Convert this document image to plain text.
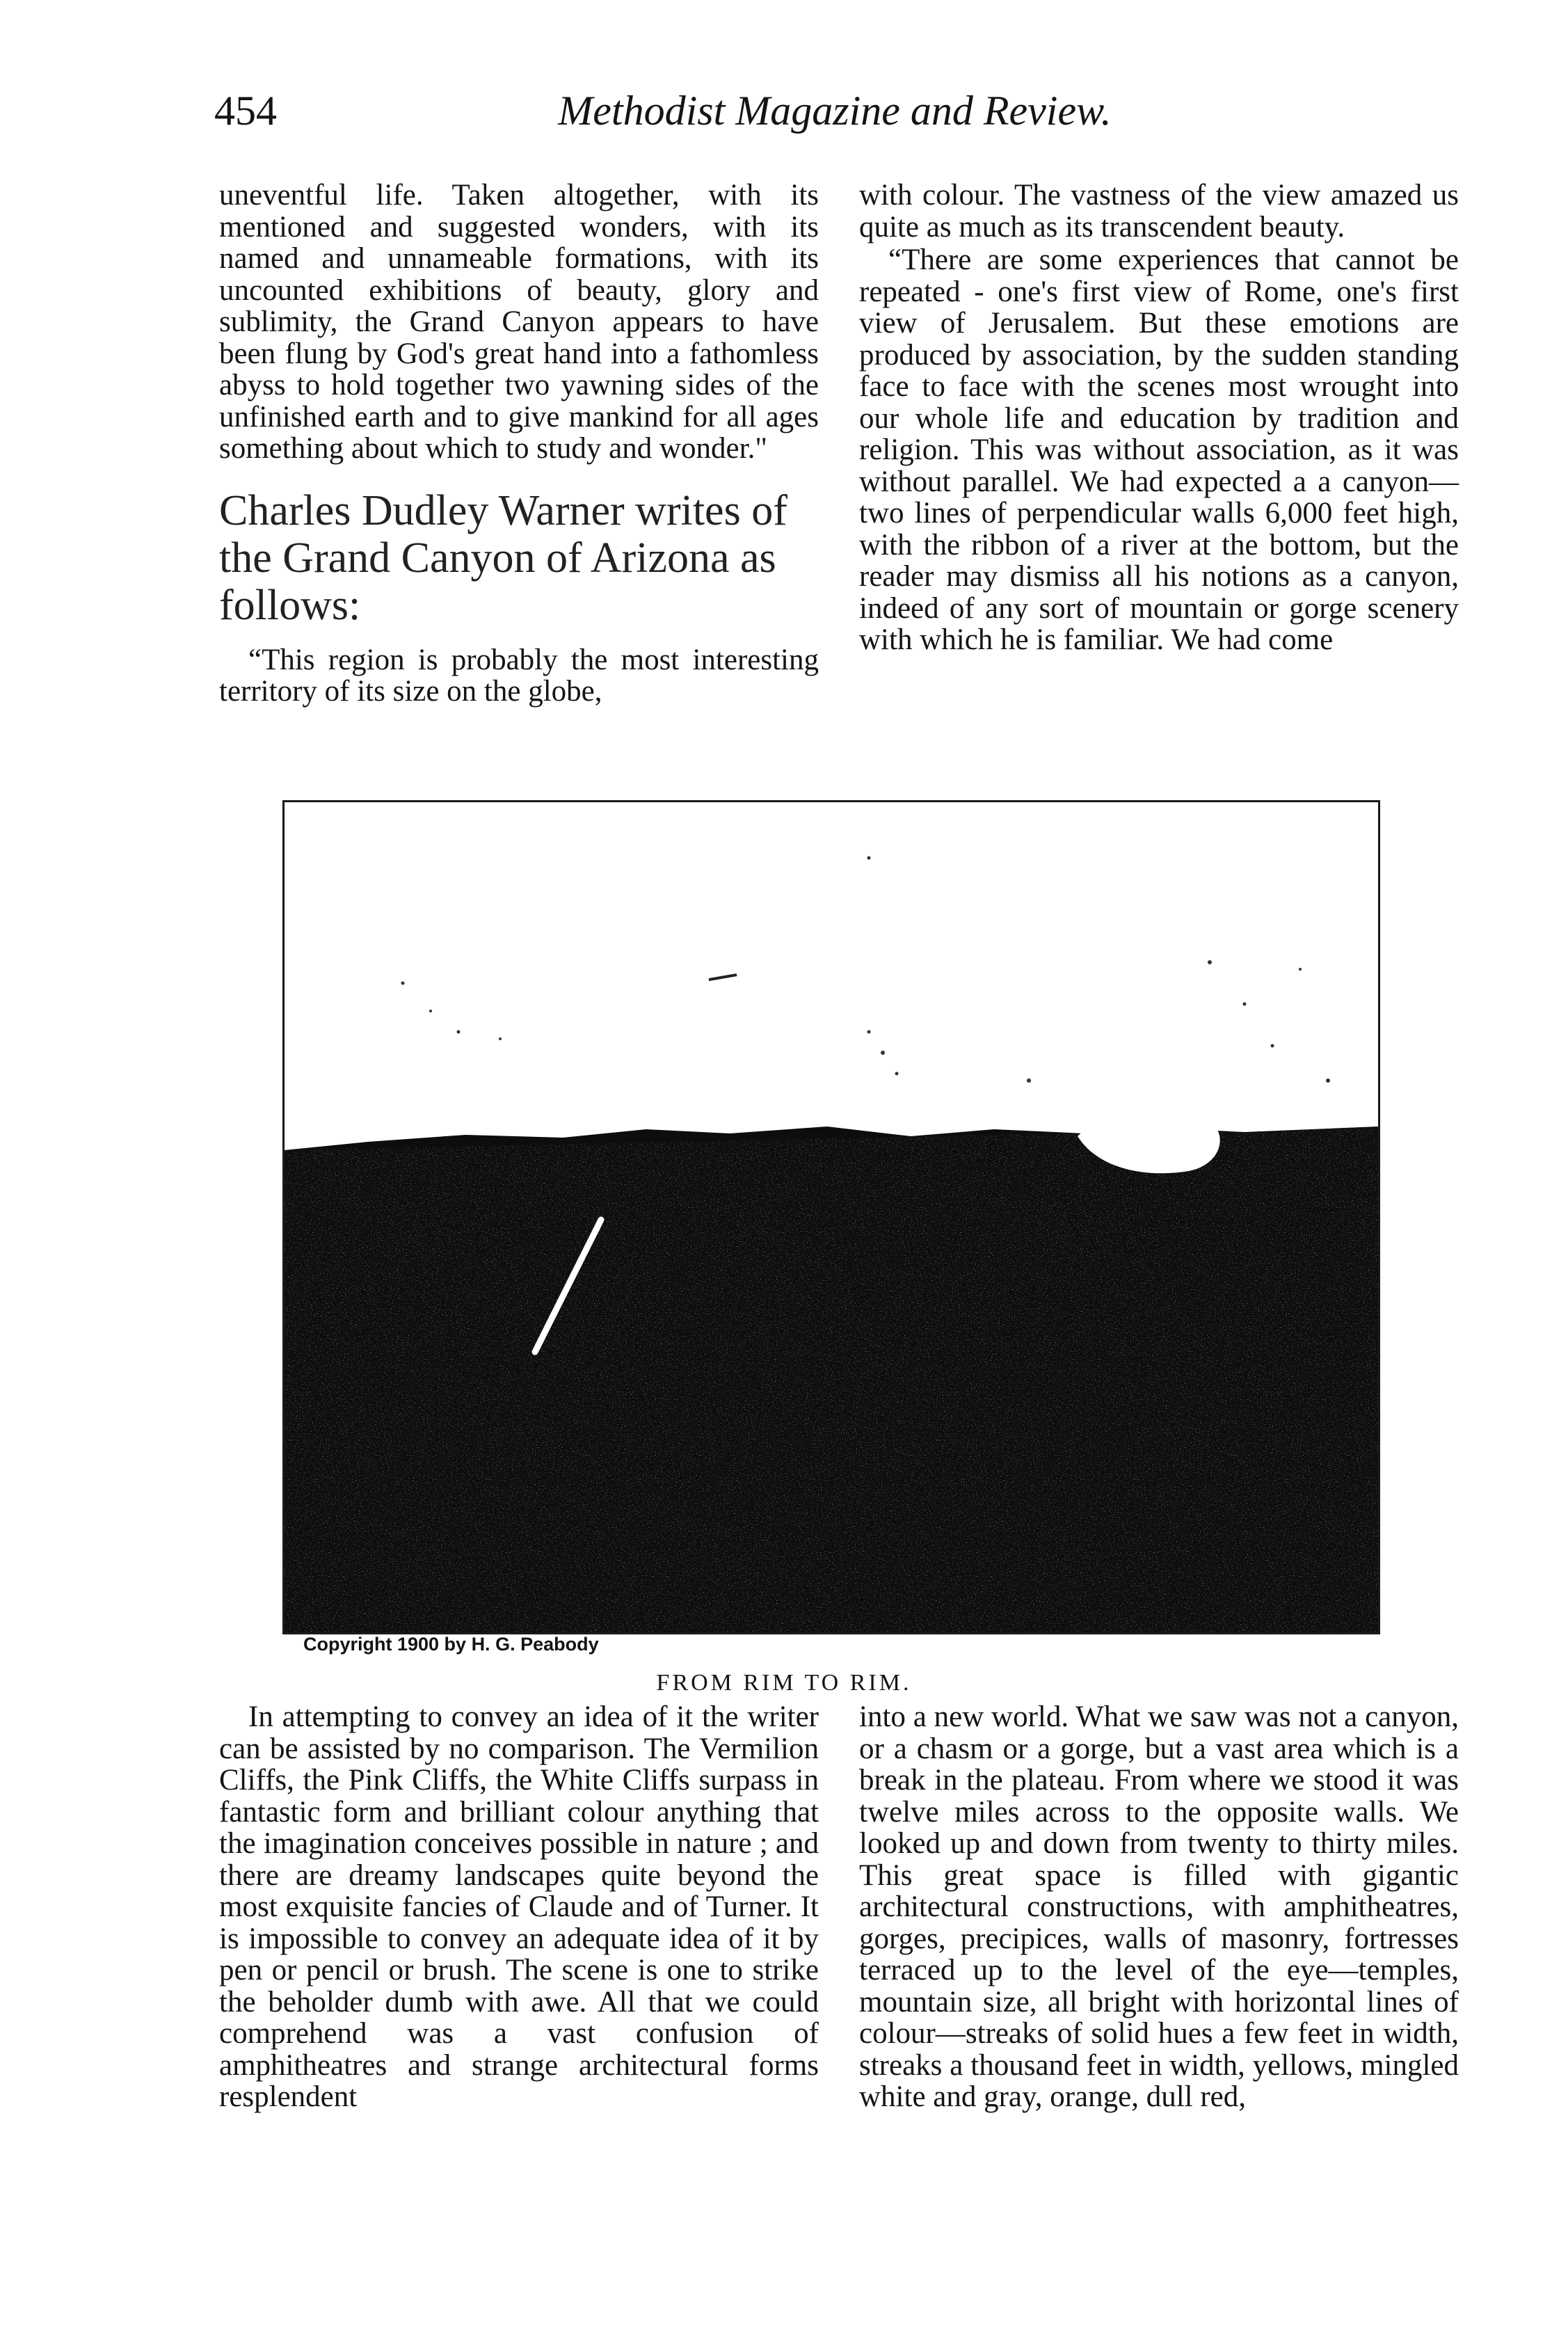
454	Methodist Magazine and Review.

uneventful life. Taken altogether, with its mentioned and suggested wonders, with its named and unnameable formations, with its uncounted exhibitions of beauty, glory and sublimity, the Grand Canyon appears to have been flung by God's great hand into a fathomless abyss to hold together two yawning sides of the unfinished earth and to give mankind for all ages something about which to study and wonder."

Charles Dudley Warner writes of
the Grand Canyon of Arizona as
follows:

“This region is probably the most interesting territory of its size on the globe,

with colour. The vastness of the view amazed us quite as much as its transcendent beauty.

“There are some experiences that cannot be repeated - one's first view of Rome, one's first view of Jerusalem. But these emotions are produced by association, by the sudden standing face to face with the scenes most wrought into our whole life and education by tradition and religion. This was without association, as it was without parallel. We had expected a a canyon—two lines of perpendicular walls 6,000 feet high, with the ribbon of a river at the bottom, but the reader may dismiss all his notions as a canyon, indeed of any sort of mountain or gorge scenery with which he is familiar. We had come

Copyright 1900 by H. G. Peabody
FROM RIM TO RIM.

In attempting to convey an idea of it the writer can be assisted by no comparison. The Vermilion Cliffs, the Pink Cliffs, the White Cliffs surpass in fantastic form and brilliant colour anything that the imagination conceives possible in nature ; and there are dreamy landscapes quite beyond the most exquisite fancies of Claude and of Turner. It is impossible to convey an adequate idea of it by pen or pencil or brush. The scene is one to strike the beholder dumb with awe. All that we could comprehend was a vast confusion of amphitheatres and strange architectural forms resplendent

into a new world. What we saw was not a canyon, or a chasm or a gorge, but a vast area which is a break in the plateau. From where we stood it was twelve miles across to the opposite walls. We looked up and down from twenty to thirty miles. This great space is filled with gigantic architectural constructions, with amphitheatres, gorges, precipices, walls of masonry, fortresses terraced up to the level of the eye—temples, mountain size, all bright with horizontal lines of colour—streaks of solid hues a few feet in width, streaks a thousand feet in width, yellows, mingled white and gray, orange, dull red,
